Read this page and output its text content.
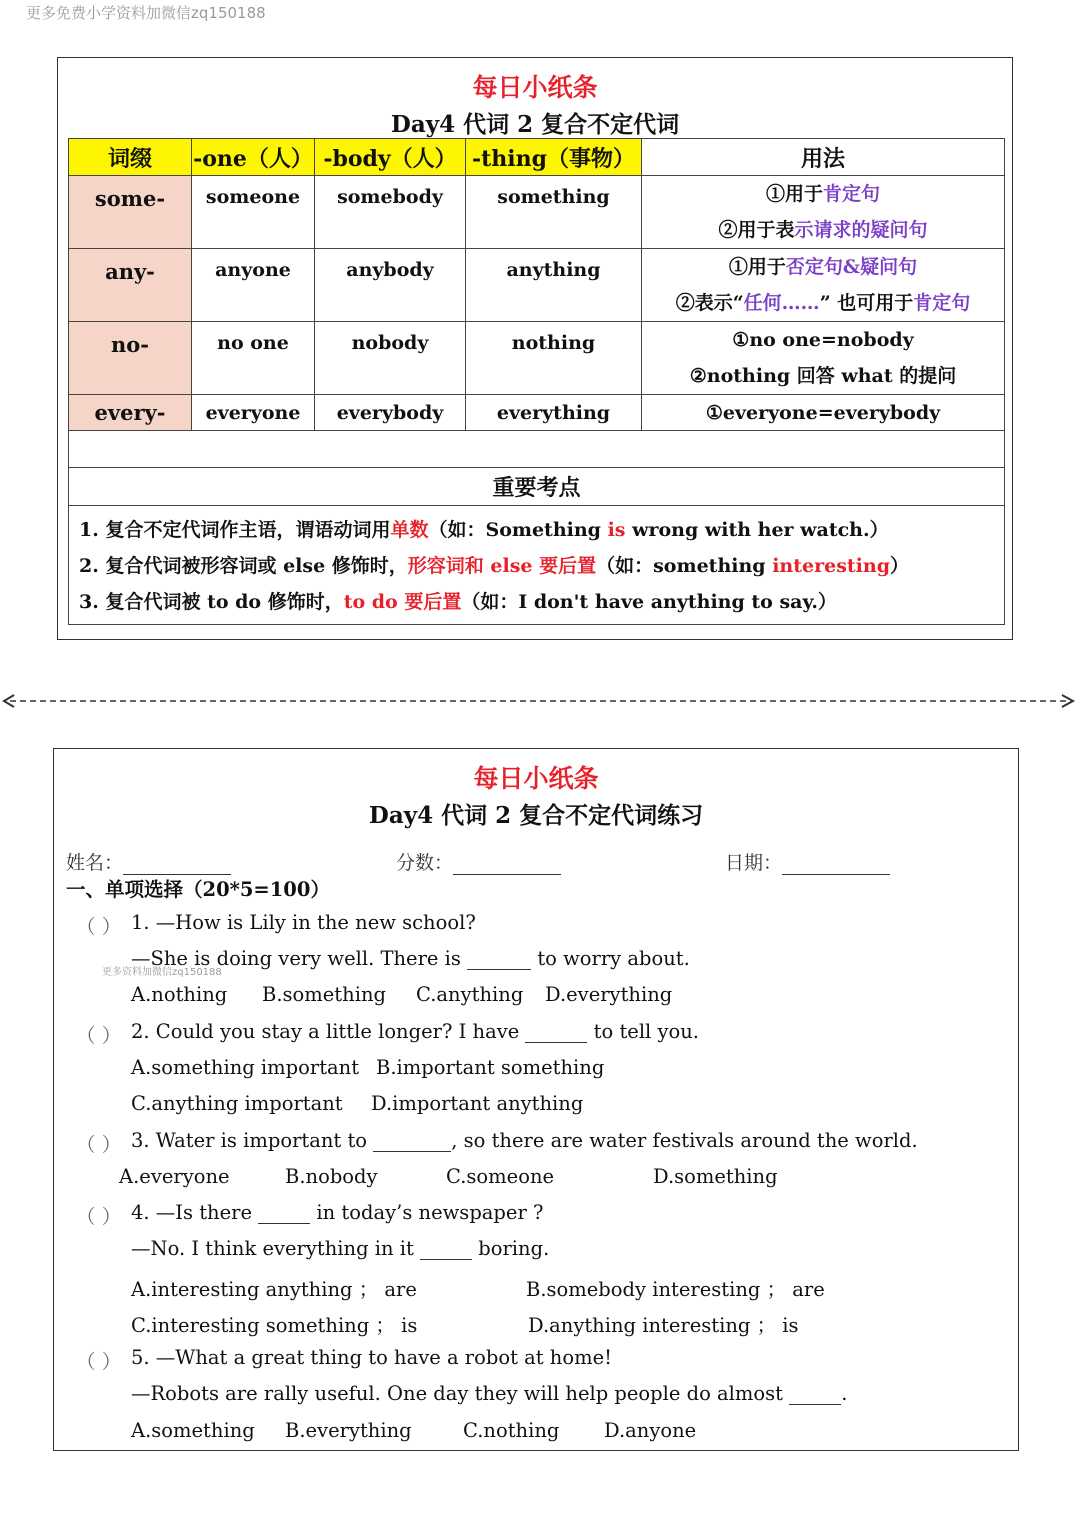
更多免费小学资料加微信zq150188
每日小纸条
Day4 代词 2 复合不定代词
词缀	-one（人）	-body（人）	-thing（事物）	用法

some-	someone	somebody	something	①用于肯定句
②用于表示请求的疑问句

any-	anyone	anybody	anything	①用于否定句&疑问句
②表示“任何……” 也可用于肯定句

no-	no one	nobody	nothing	①no one=nobody
②nothing 回答 what 的提问

every-	everyone	everybody	everything	①everyone=everybody

重要考点				

1. 复合不定代词作主语，谓语动词用单数（如：Something is wrong with her watch.）
2. 复合代词被形容词或 else 修饰时，形容词和 else 要后置（如：something interesting）
3. 复合代词被 to do 修饰时，to do 要后置（如：I don't have anything to say.）				
每日小纸条
Day4 代词 2 复合不定代词练习
姓名：	分数：	日期：
一、单项选择（20*5=100）
（ ） 1. —How is Lily in the new school?
—She is doing very well. There is	to worry about.
更多资料加微信zq150188
A.nothing B.something C.anything D.everything
（ ） 2. Could you stay a little longer? I have	to tell you.
A.something important B.important something
C.anything important D.important anything
（ ） 3. Water is important to	, so there are water festivals around the world.
A.everyone	B.nobody	C.someone	D.something
（ ） 4. —Is there	in today’s newspaper ?
—No. I think everything in it	boring.
A.interesting anything ； are	B.somebody interesting ； are
C.interesting something ； is	D.anything interesting ； is
（ ） 5. —What a great thing to have a robot at home!
—Robots are rally useful. One day they will help people do almost	.
A.something B.everything	C.nothing D.anyone
